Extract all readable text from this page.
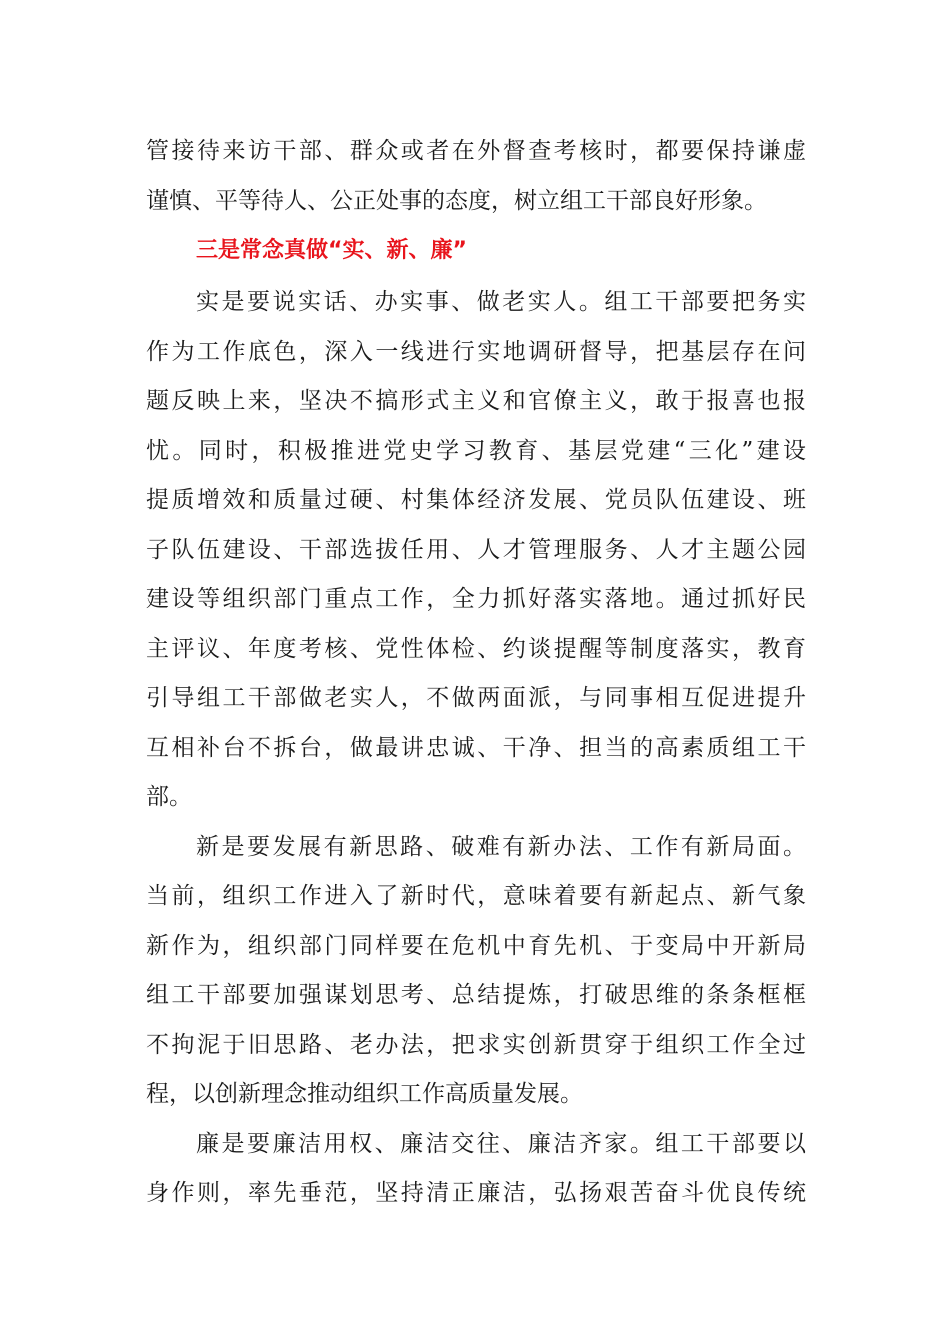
管接待来访干部、群众或者在外督查考核时，都要保持谦虚
谨慎、平等待人、公正处事的态度，树立组工干部良好形象。
三是常念真做“实、新、廉”
实是要说实话、办实事、做老实人。组工干部要把务实
作为工作底色，深入一线进行实地调研督导，把基层存在问
题反映上来，坚决不搞形式主义和官僚主义，敢于报喜也报
忧。同时，积极推进党史学习教育、基层党建“三化”建设
提质增效和质量过硬、村集体经济发展、党员队伍建设、班
子队伍建设、干部选拔任用、人才管理服务、人才主题公园
建设等组织部门重点工作，全力抓好落实落地。通过抓好民
主评议、年度考核、党性体检、约谈提醒等制度落实，教育
引导组工干部做老实人，不做两面派，与同事相互促进提升
互相补台不拆台，做最讲忠诚、干净、担当的高素质组工干
部。
新是要发展有新思路、破难有新办法、工作有新局面。
当前，组织工作进入了新时代，意味着要有新起点、新气象
新作为，组织部门同样要在危机中育先机、于变局中开新局
组工干部要加强谋划思考、总结提炼，打破思维的条条框框
不拘泥于旧思路、老办法，把求实创新贯穿于组织工作全过
程，以创新理念推动组织工作高质量发展。
廉是要廉洁用权、廉洁交往、廉洁齐家。组工干部要以
身作则，率先垂范，坚持清正廉洁，弘扬艰苦奋斗优良传统
